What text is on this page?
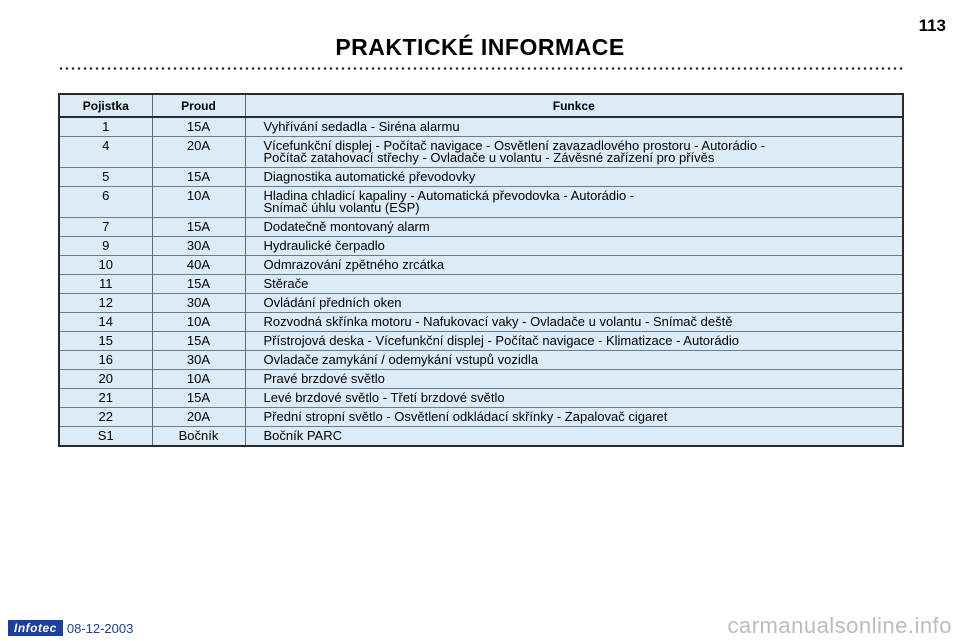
113
PRAKTICKÉ INFORMACE
Pojistka	Proud	Funkce
1	15A	Vyhřívání sedadla - Siréna alarmu
4	20A	Vícefunkční displej - Počítač navigace - Osvětlení zavazadlového prostoru - Autorádio -
Počítač zatahovací střechy - Ovladače u volantu - Závěsné zařízení pro přívěs
5	15A	Diagnostika automatické převodovky
6	10A	Hladina chladicí kapaliny - Automatická převodovka - Autorádio -
Snímač úhlu volantu (ESP)
7	15A	Dodatečně montovaný alarm
9	30A	Hydraulické čerpadlo
10	40A	Odmrazování zpětného zrcátka
11	15A	Stěrače
12	30A	Ovládání předních oken
14	10A	Rozvodná skřínka motoru - Nafukovací vaky - Ovladače u volantu - Snímač deště
15	15A	Přístrojová deska - Vícefunkční displej - Počítač navigace - Klimatizace - Autorádio
16	30A	Ovladače zamykání / odemykání vstupů vozidla
20	10A	Pravé brzdové světlo
21	15A	Levé brzdové světlo - Třetí brzdové světlo
22	20A	Přední stropní světlo - Osvětlení odkládací skřínky - Zapalovač cigaret
S1	Bočník	Bočník PARC
Infotec 08-12-2003	carmanualsonline.info
